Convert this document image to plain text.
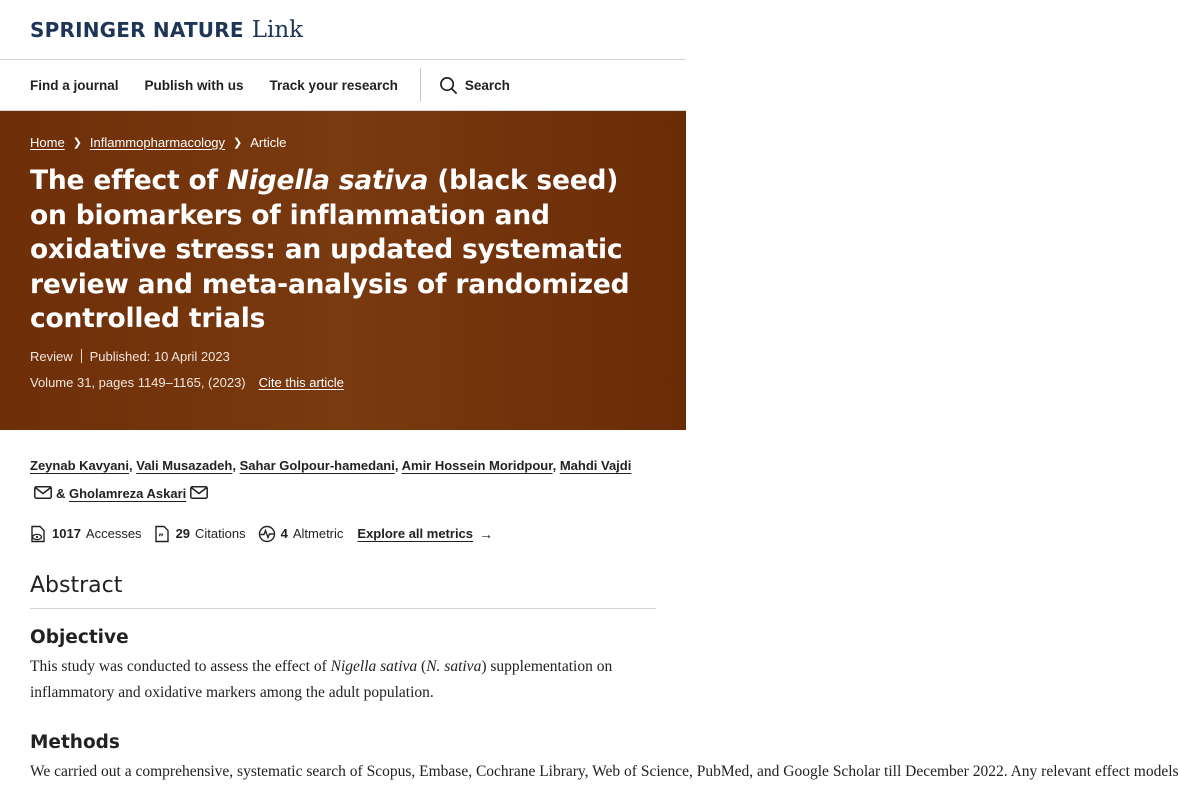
SPRINGER NATURE Link
Find a journal Publish with us Track your research	Search
Home ❯ Inflammopharmacology ❯ Article
The effect of Nigella sativa (black seed) on biomarkers of inflammation and oxidative stress: an updated systematic review and meta-analysis of randomized controlled trials
Review Published: 10 April 2023
Volume 31, pages 1149–1165, (2023) Cite this article
Zeynab Kavyani, Vali Musazadeh, Sahar Golpour-hamedani, Amir Hossein Moridpour, Mahdi Vajdi& Gholamreza Askari
1017 Accesses ” 29 Citations	4 Altmetric Explore all metrics →
Abstract
Objective

This study was conducted to assess the effect of Nigella sativa (N. sativa) supplementation on inflammatory and oxidative markers among the adult population.

Methods

We carried out a comprehensive, systematic search of Scopus, Embase, Cochrane Library, Web of Science, PubMed, and Google Scholar till December 2022. Any relevant effect models
